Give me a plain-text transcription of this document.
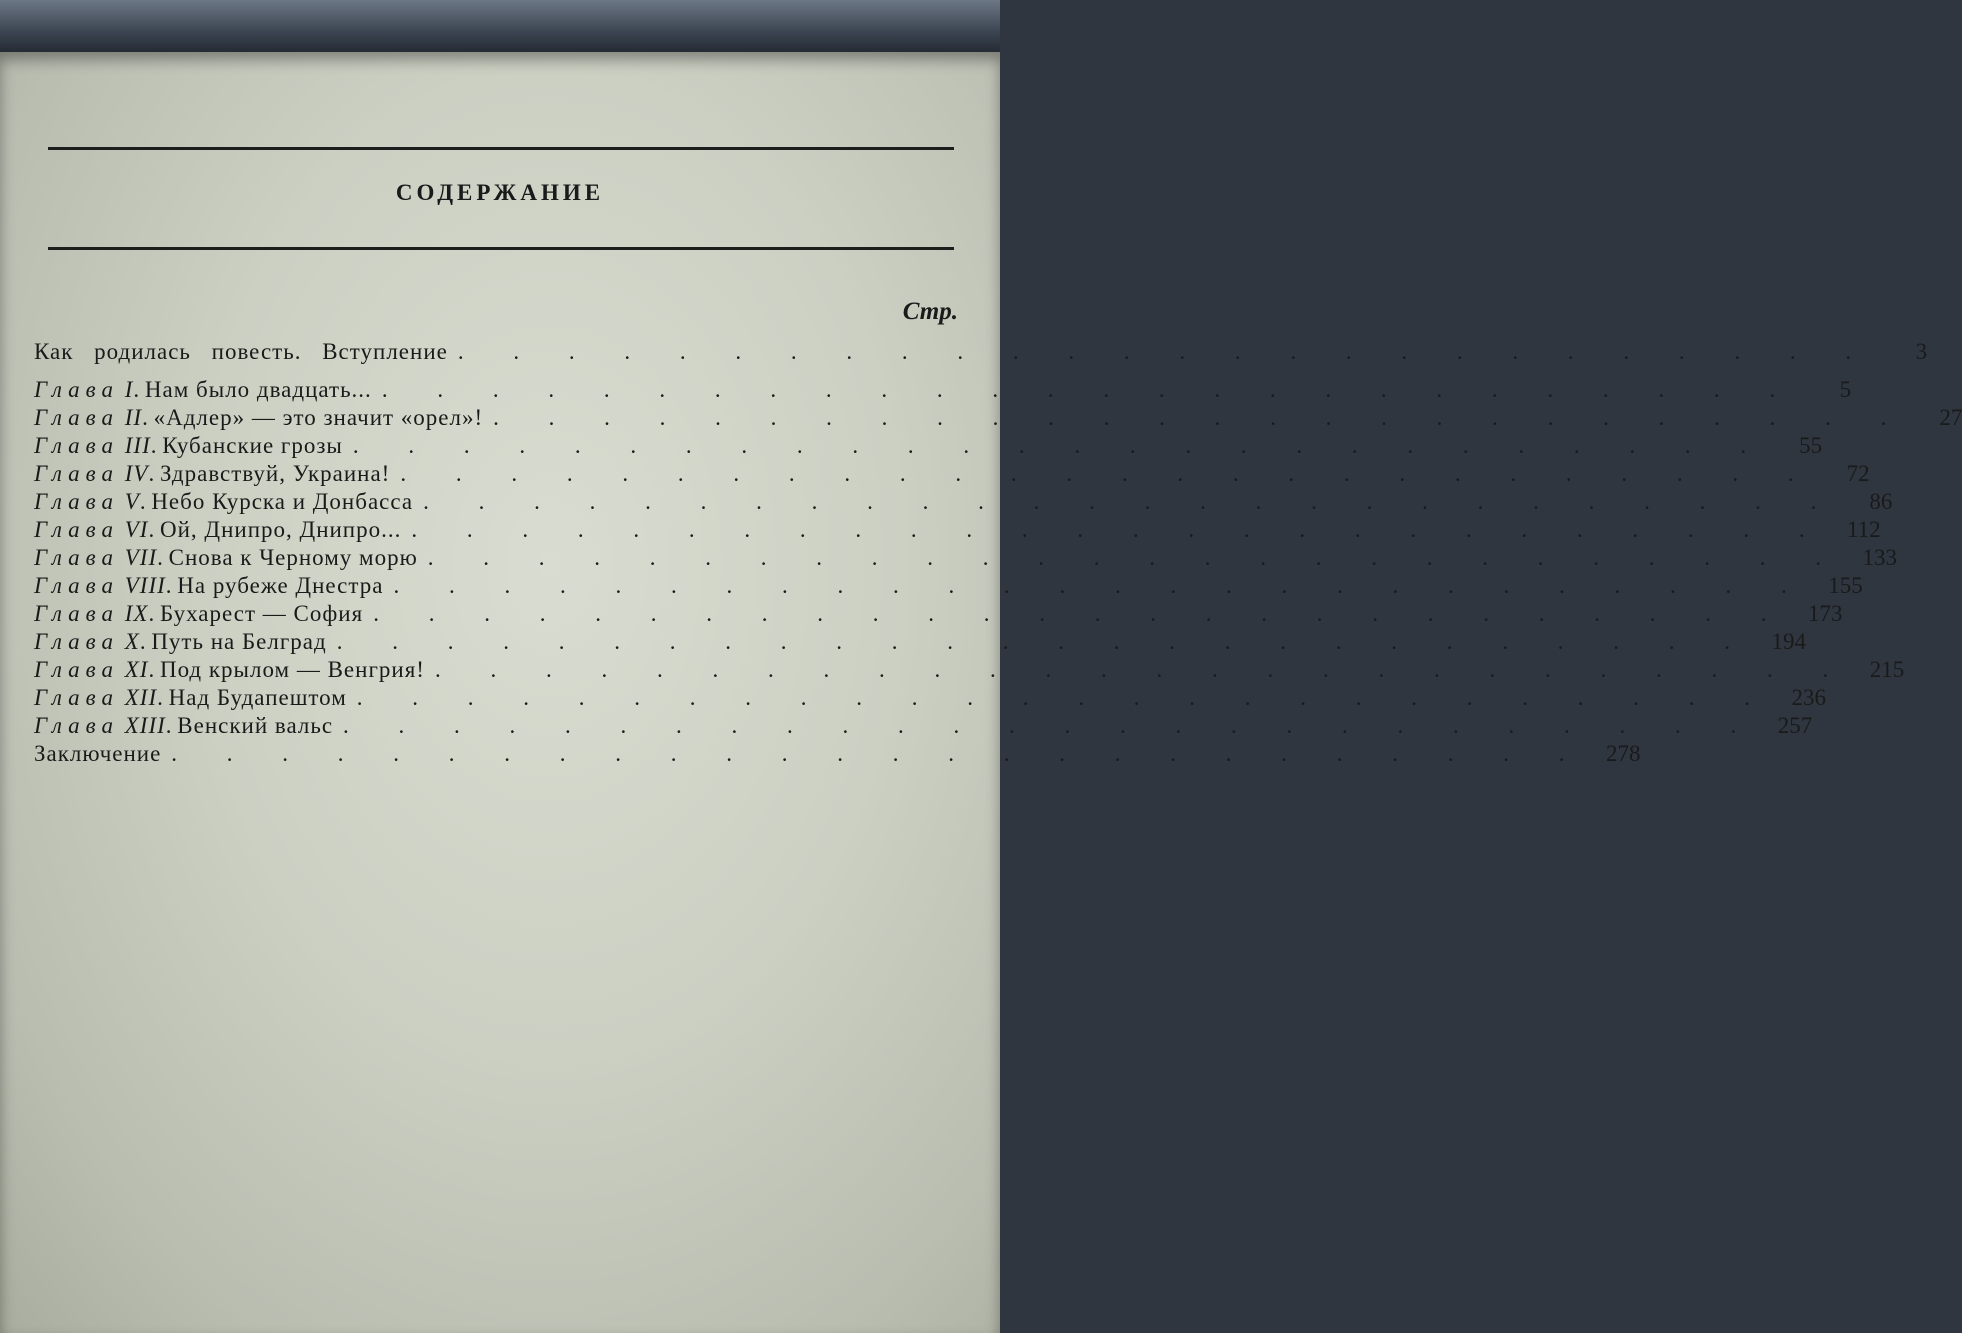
СОДЕРЖАНИЕ
Стр.
Как родилась повесть. Вступление . . . . . . . . . . . . . . . . . . . . . . . . . .	3
Глава I. Нам было двадцать... . . . . . . . . . . . . . . . . . . . . . . . . . .	5
Глава II. «Адлер» — это значит «орел»! . . . . . . . . . . . . . . . . . . . . . . . . . .	27
Глава III. Кубанские грозы . . . . . . . . . . . . . . . . . . . . . . . . . .	55
Глава IV. Здравствуй, Украина! . . . . . . . . . . . . . . . . . . . . . . . . . .	72
Глава V. Небо Курска и Донбасса . . . . . . . . . . . . . . . . . . . . . . . . . .	86
Глава VI. Ой, Днипро, Днипро... . . . . . . . . . . . . . . . . . . . . . . . . . . 112
Глава VII. Снова к Черному морю . . . . . . . . . . . . . . . . . . . . . . . . . . 133
Глава VIII. На рубеже Днестра . . . . . . . . . . . . . . . . . . . . . . . . . . 155
Глава IX. Бухарест — София . . . . . . . . . . . . . . . . . . . . . . . . . . 173
Глава X. Путь на Белград . . . . . . . . . . . . . . . . . . . . . . . . . . 194
Глава XI. Под крылом — Венгрия! . . . . . . . . . . . . . . . . . . . . . . . . . . 215
Глава XII. Над Будапештом . . . . . . . . . . . . . . . . . . . . . . . . . . 236
Глава XIII. Венский вальс . . . . . . . . . . . . . . . . . . . . . . . . . . 257
Заключение . . . . . . . . . . . . . . . . . . . . . . . . . . 278
